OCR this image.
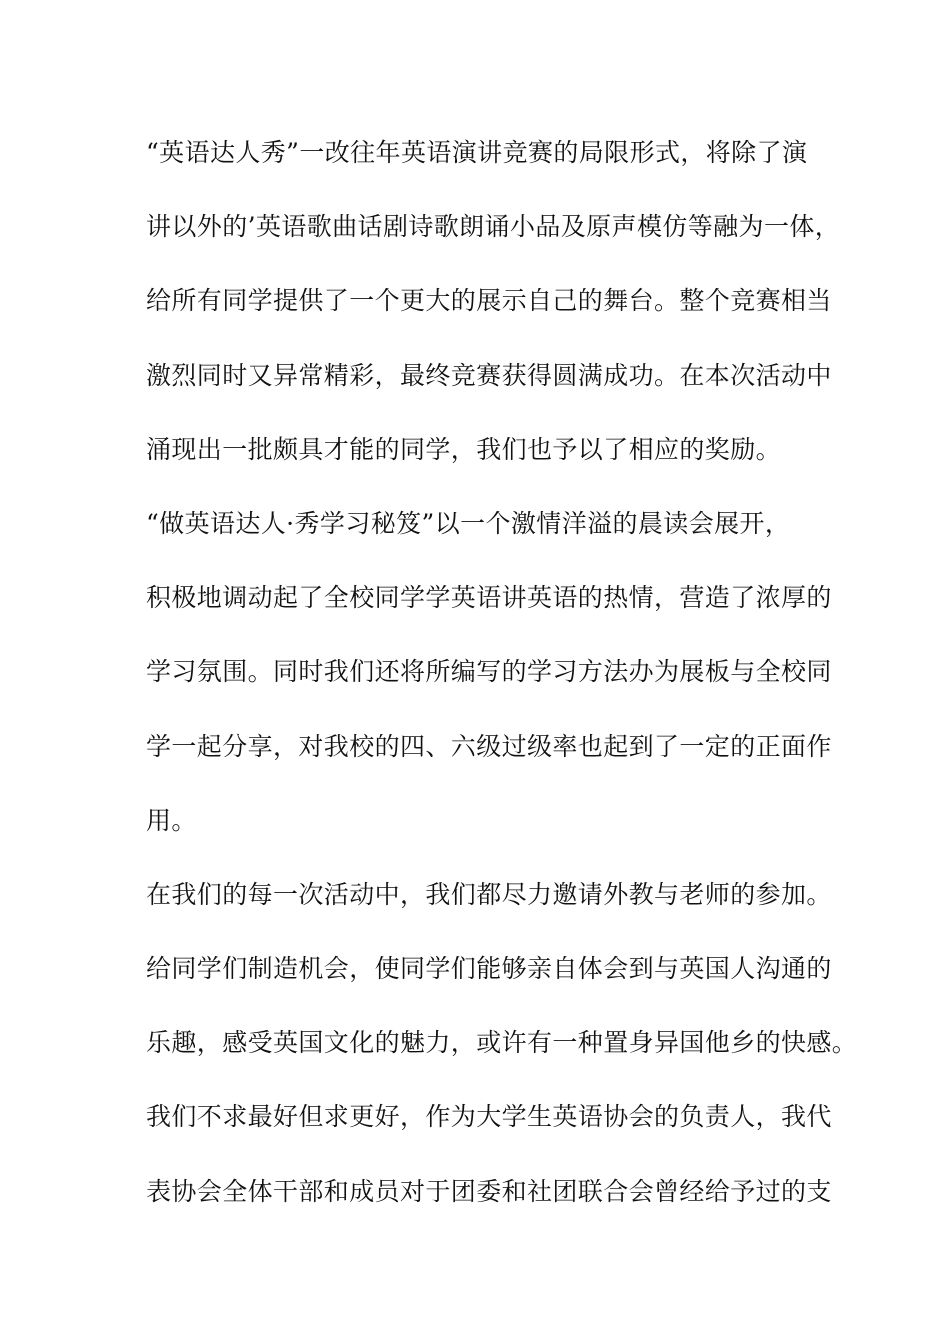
“英语达人秀”一改往年英语演讲竞赛的局限形式，将除了演
讲以外的’英语歌曲话剧诗歌朗诵小品及原声模仿等融为一体，
给所有同学提供了一个更大的展示自己的舞台。整个竞赛相当
激烈同时又异常精彩，最终竞赛获得圆满成功。在本次活动中
涌现出一批颇具才能的同学，我们也予以了相应的奖励。
“做英语达人·秀学习秘笈”以一个激情洋溢的晨读会展开，
积极地调动起了全校同学学英语讲英语的热情，营造了浓厚的
学习氛围。同时我们还将所编写的学习方法办为展板与全校同
学一起分享，对我校的四、六级过级率也起到了一定的正面作
用。
在我们的每一次活动中，我们都尽力邀请外教与老师的参加。
给同学们制造机会，使同学们能够亲自体会到与英国人沟通的
乐趣，感受英国文化的魅力，或许有一种置身异国他乡的快感。
我们不求最好但求更好，作为大学生英语协会的负责人，我代
表协会全体干部和成员对于团委和社团联合会曾经给予过的支
